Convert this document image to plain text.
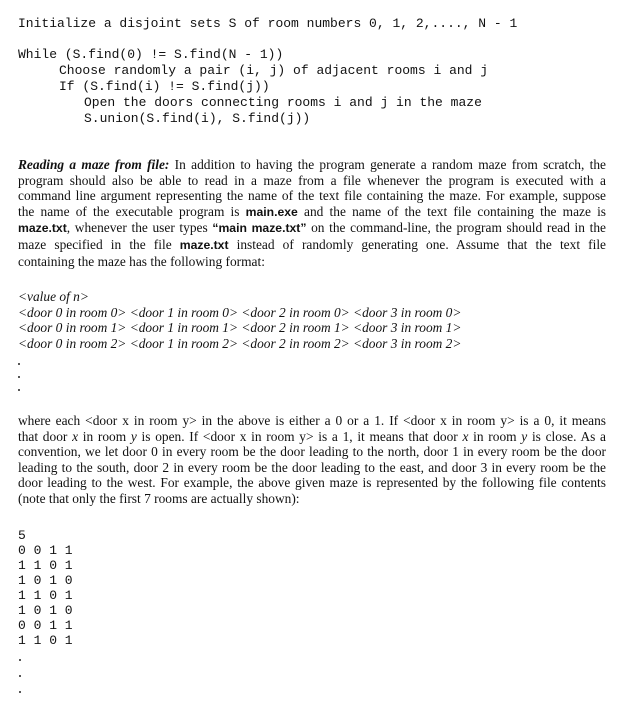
Initialize a disjoint sets S of room numbers 0, 1, 2,...., N - 1
While (S.find(0) != S.find(N - 1))
Choose randomly a pair (i, j) of adjacent rooms i and j
If (S.find(i) != S.find(j))
Open the doors connecting rooms i and j in the maze
S.union(S.find(i), S.find(j))
Reading a maze from file: In addition to having the program generate a random maze from scratch, the
program should also be able to read in a maze from a file whenever the program is executed with a
command line argument representing the name of the text file containing the maze. For example, suppose
the name of the executable program is main.exe and the name of the text file containing the maze is
maze.txt, whenever the user types “main maze.txt” on the command-line, the program should read in the
maze specified in the file maze.txt instead of randomly generating one. Assume that the text file
containing the maze has the following format:
<value of n>
<door 0 in room 0> <door 1 in room 0> <door 2 in room 0> <door 3 in room 0>
<door 0 in room 1> <door 1 in room 1> <door 2 in room 1> <door 3 in room 1>
<door 0 in room 2> <door 1 in room 2> <door 2 in room 2> <door 3 in room 2>
where each <door x in room y> in the above is either a 0 or a 1. If <door x in room y> is a 0, it means
that door x in room y is open. If <door x in room y> is a 1, it means that door x in room y is close. As a
convention, we let door 0 in every room be the door leading to the north, door 1 in every room be the door
leading to the south, door 2 in every room be the door leading to the east, and door 3 in every room be the
door leading to the west. For example, the above given maze is represented by the following file contents
(note that only the first 7 rooms are actually shown):
5
0 0 1 1
1 1 0 1
1 0 1 0
1 1 0 1
1 0 1 0
0 0 1 1
1 1 0 1
